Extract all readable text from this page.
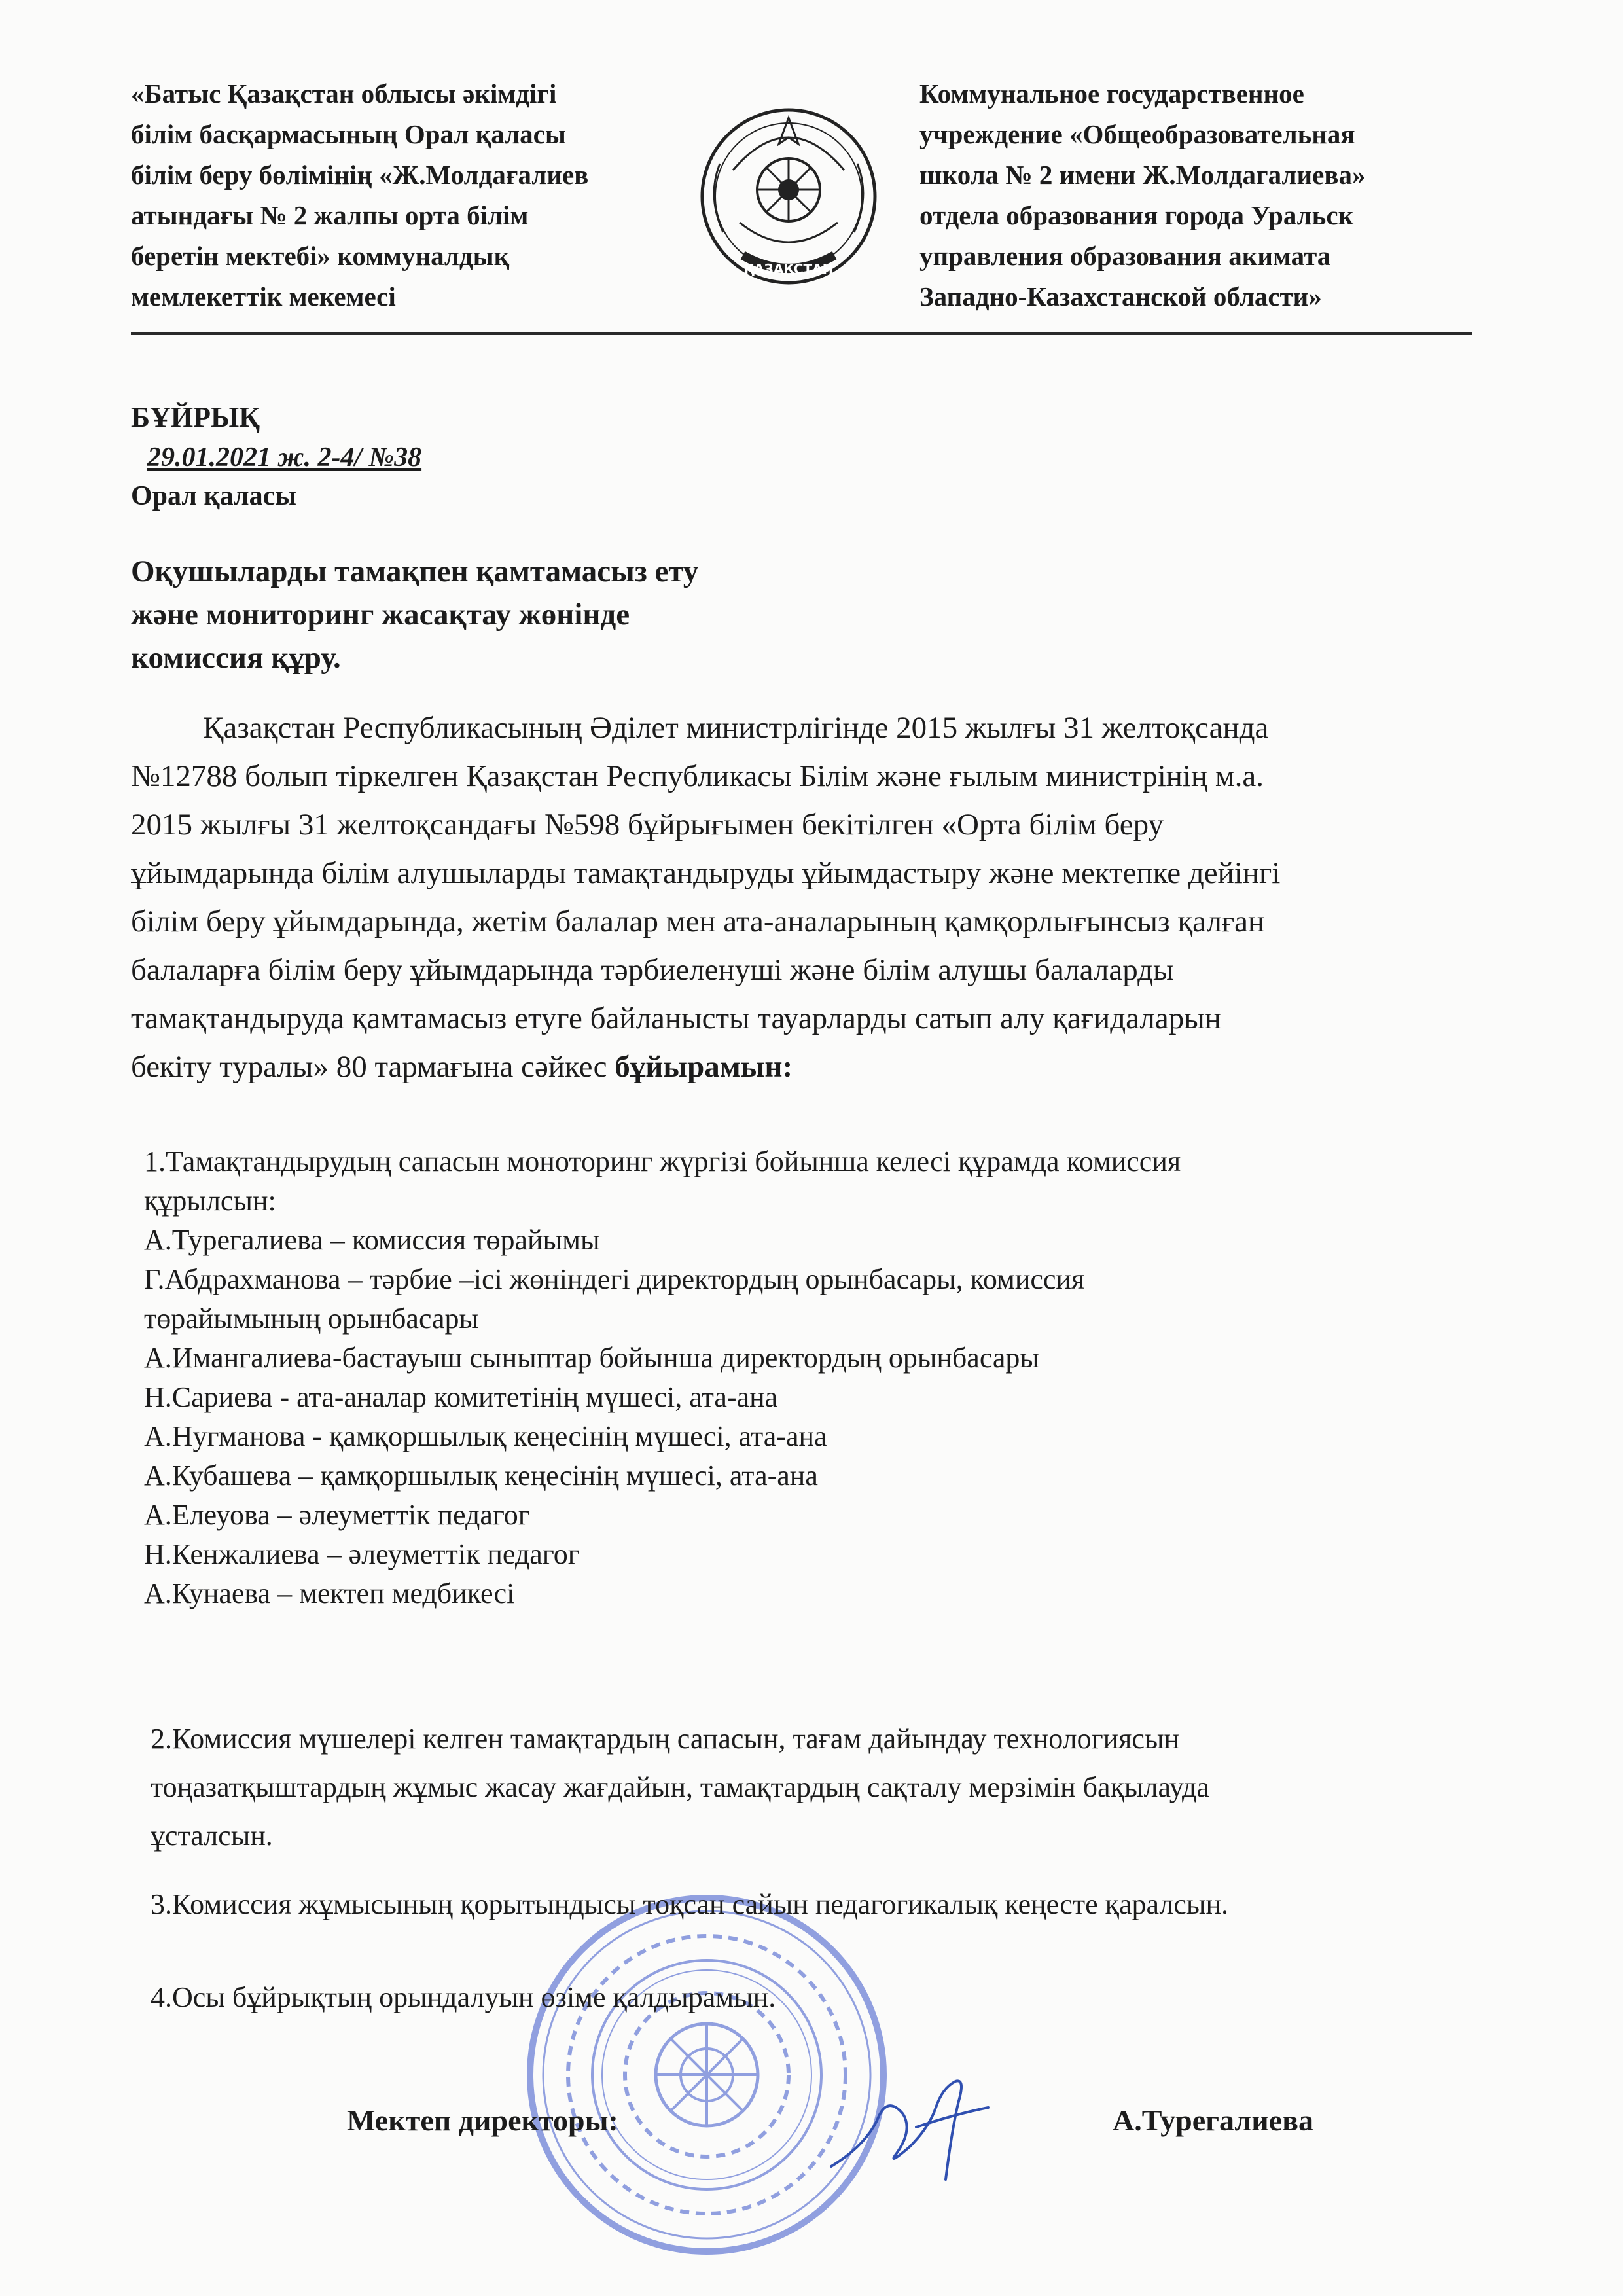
«Батыс Қазақстан облысы әкімдігі
білім басқармасының Орал қаласы
білім беру бөлімінің «Ж.Молдағалиев
атындағы № 2 жалпы орта білім
беретін мектебі» коммуналдық
мемлекеттік мекемесі
ҚАЗАҚСТАН
Коммунальное государственное
учреждение «Общеобразовательная
школа № 2 имени Ж.Молдагалиева»
отдела образования города Уральск
управления образования акимата
Западно-Казахстанской области»
БҰЙРЫҚ
29.01.2021 ж. 2-4/ №38
Орал қаласы
Оқушыларды тамақпен қамтамасыз ету
және мониторинг жасақтау жөнінде
комиссия құру.
Қазақстан Республикасының Әділет министрлігінде 2015 жылғы 31 желтоқсанда
№12788 болып тіркелген Қазақстан Республикасы Білім және ғылым министрінің м.а.
2015 жылғы 31 желтоқсандағы №598 бұйрығымен бекітілген «Орта білім беру
ұйымдарында білім алушыларды тамақтандыруды ұйымдастыру және мектепке дейінгі
білім беру ұйымдарында, жетім балалар мен ата-аналарының қамқорлығынсыз қалған
балаларға білім беру ұйымдарында тәрбиеленуші және білім алушы балаларды
тамақтандыруда қамтамасыз етуге байланысты тауарларды сатып алу қағидаларын
бекіту туралы» 80 тармағына сәйкес бұйырамын:
1.Тамақтандырудың сапасын моноторинг жүргізі бойынша келесі құрамда комиссия
құрылсын:
А.Турегалиева – комиссия төрайымы
Г.Абдрахманова – тәрбие –ісі жөніндегі директордың орынбасары, комиссия
төрайымының орынбасары
А.Имангалиева-бастауыш сыныптар бойынша директордың орынбасары
Н.Сариева - ата-аналар комитетінің мүшесі, ата-ана
А.Нугманова - қамқоршылық кеңесінің мүшесі, ата-ана
А.Кубашева – қамқоршылық кеңесінің мүшесі, ата-ана
А.Елеуова – әлеуметтік педагог
Н.Кенжалиева – әлеуметтік педагог
А.Кунаева – мектеп медбикесі
2.Комиссия мүшелері келген тамақтардың сапасын, тағам дайындау технологиясын
тоңазатқыштардың жұмыс жасау жағдайын, тамақтардың сақталу мерзімін бақылауда
ұсталсын.
3.Комиссия жұмысының қорытындысы тоқсан сайын педагогикалық кеңесте қаралсын.
4.Осы бұйрықтың орындалуын өзіме қалдырамын.
Мектеп директоры:	А.Турегалиева
